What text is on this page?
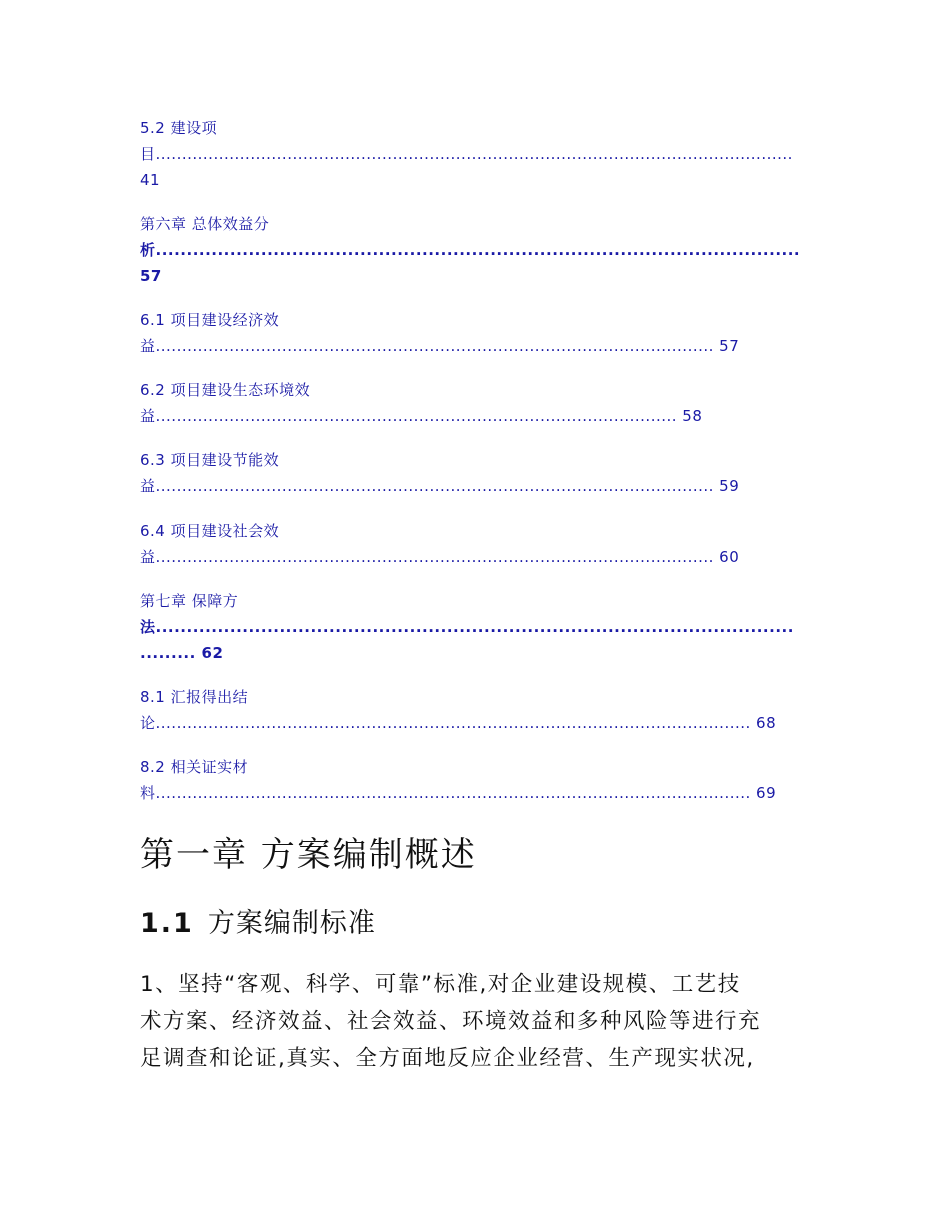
5.2 建设项
目.........................................................................................................................
41
第六章 总体效益分
析........................................................................................................
57
6.1 项目建设经济效
益.......................................................................................................... 57
6.2 项目建设生态环境效
益................................................................................................... 58
6.3 项目建设节能效
益.......................................................................................................... 59
6.4 项目建设社会效
益.......................................................................................................... 60
第七章 保障方
法.......................................................................................................
......... 62
8.1 汇报得出结
论................................................................................................................. 68
8.2 相关证实材
料................................................................................................................. 69
第一章 方案编制概述
1.1 方案编制标准
1、坚持“客观、科学、可靠”标准,对企业建设规模、工艺技
术方案、经济效益、社会效益、环境效益和多种风险等进行充
足调查和论证,真实、全方面地反应企业经营、生产现实状况,
